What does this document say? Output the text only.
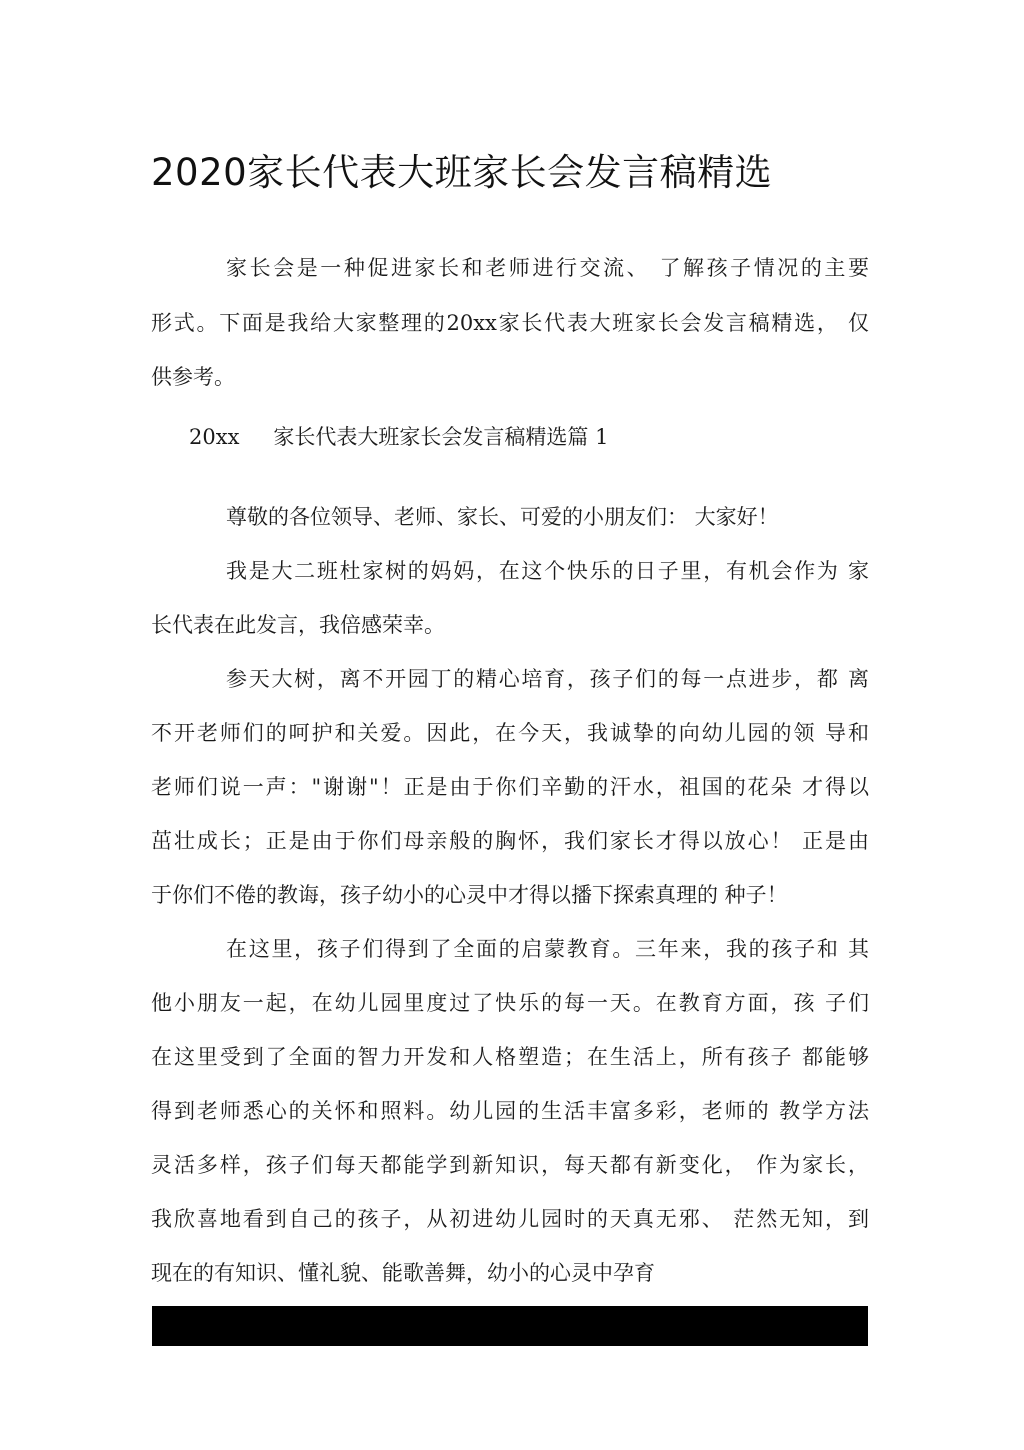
2020家长代表大班家长会发言稿精选
家长会是一种促进家长和老师进行交流、 了解孩子情况的主要
形式。下面是我给大家整理的20xx家长代表大班家长会发言稿精选， 仅
供参考。
20xx 家长代表大班家长会发言稿精选篇 1
尊敬的各位领导、老师、家长、可爱的小朋友们： 大家好！
我是大二班杜家树的妈妈，在这个快乐的日子里，有机会作为 家
长代表在此发言，我倍感荣幸。
参天大树，离不开园丁的精心培育，孩子们的每一点进步，都 离
不开老师们的呵护和关爱。因此，在今天，我诚挚的向幼儿园的领 导和
老师们说一声："谢谢"！正是由于你们辛勤的汗水，祖国的花朵 才得以
茁壮成长；正是由于你们母亲般的胸怀，我们家长才得以放心！ 正是由
于你们不倦的教诲，孩子幼小的心灵中才得以播下探索真理的 种子！
在这里，孩子们得到了全面的启蒙教育。三年来，我的孩子和 其
他小朋友一起，在幼儿园里度过了快乐的每一天。在教育方面，孩 子们
在这里受到了全面的智力开发和人格塑造；在生活上，所有孩子 都能够
得到老师悉心的关怀和照料。幼儿园的生活丰富多彩，老师的 教学方法
灵活多样，孩子们每天都能学到新知识，每天都有新变化， 作为家长，
我欣喜地看到自己的孩子，从初进幼儿园时的天真无邪、 茫然无知，到
现在的有知识、懂礼貌、能歌善舞，幼小的心灵中孕育
